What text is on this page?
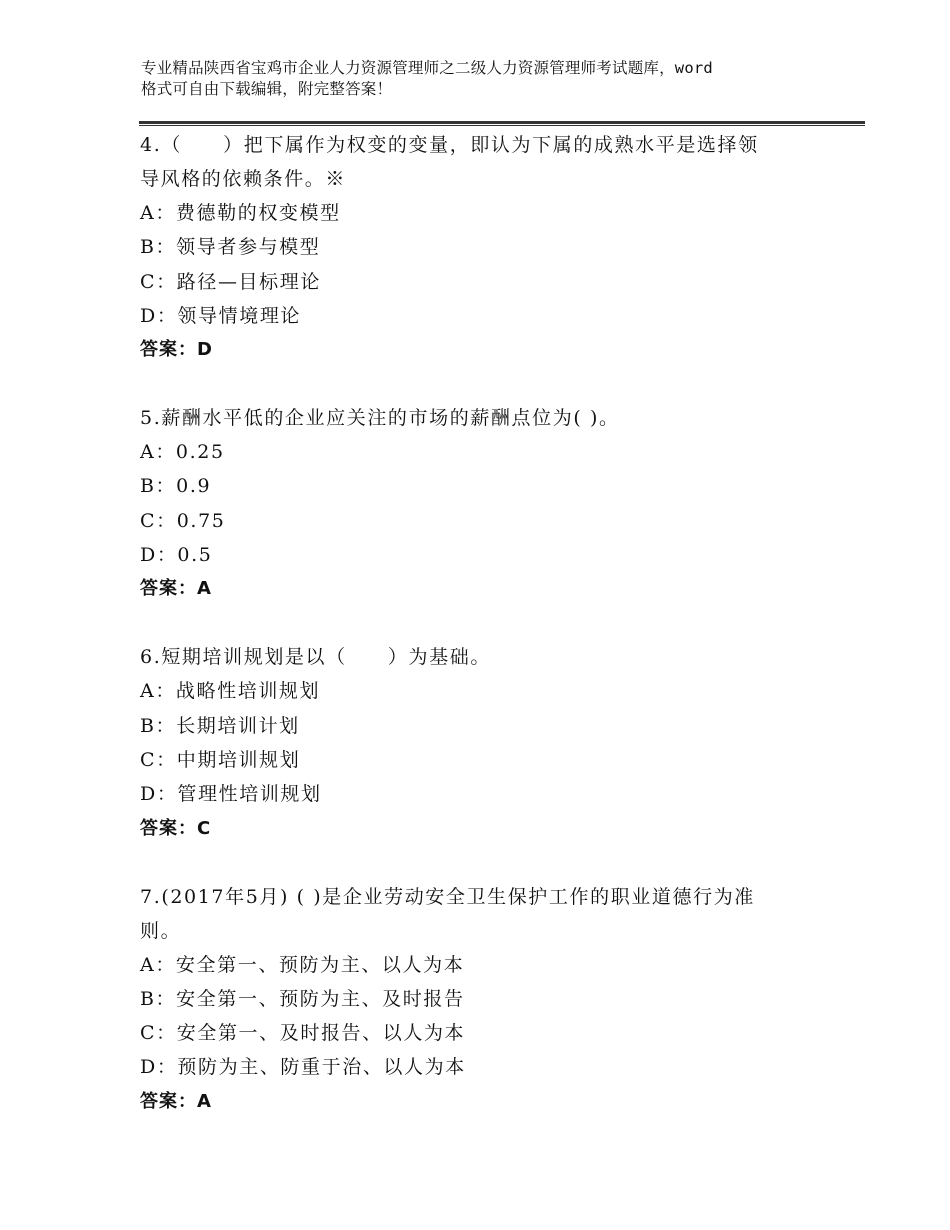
专业精品陕西省宝鸡市企业人力资源管理师之二级人力资源管理师考试题库，word
格式可自由下载编辑，附完整答案！
4.（　　）把下属作为权变的变量，即认为下属的成熟水平是选择领
导风格的依赖条件。※
A：费德勒的权变模型
B：领导者参与模型
C：路径—目标理论
D：领导情境理论
答案：D
5.薪酬水平低的企业应关注的市场的薪酬点位为( )。
A：0.25
B：0.9
C：0.75
D：0.5
答案：A
6.短期培训规划是以（　　）为基础。
A：战略性培训规划
B：长期培训计划
C：中期培训规划
D：管理性培训规划
答案：C
7.(2017年5月) ( )是企业劳动安全卫生保护工作的职业道德行为准
则。
A：安全第一、预防为主、以人为本
B：安全第一、预防为主、及时报告
C：安全第一、及时报告、以人为本
D：预防为主、防重于治、以人为本
答案：A
